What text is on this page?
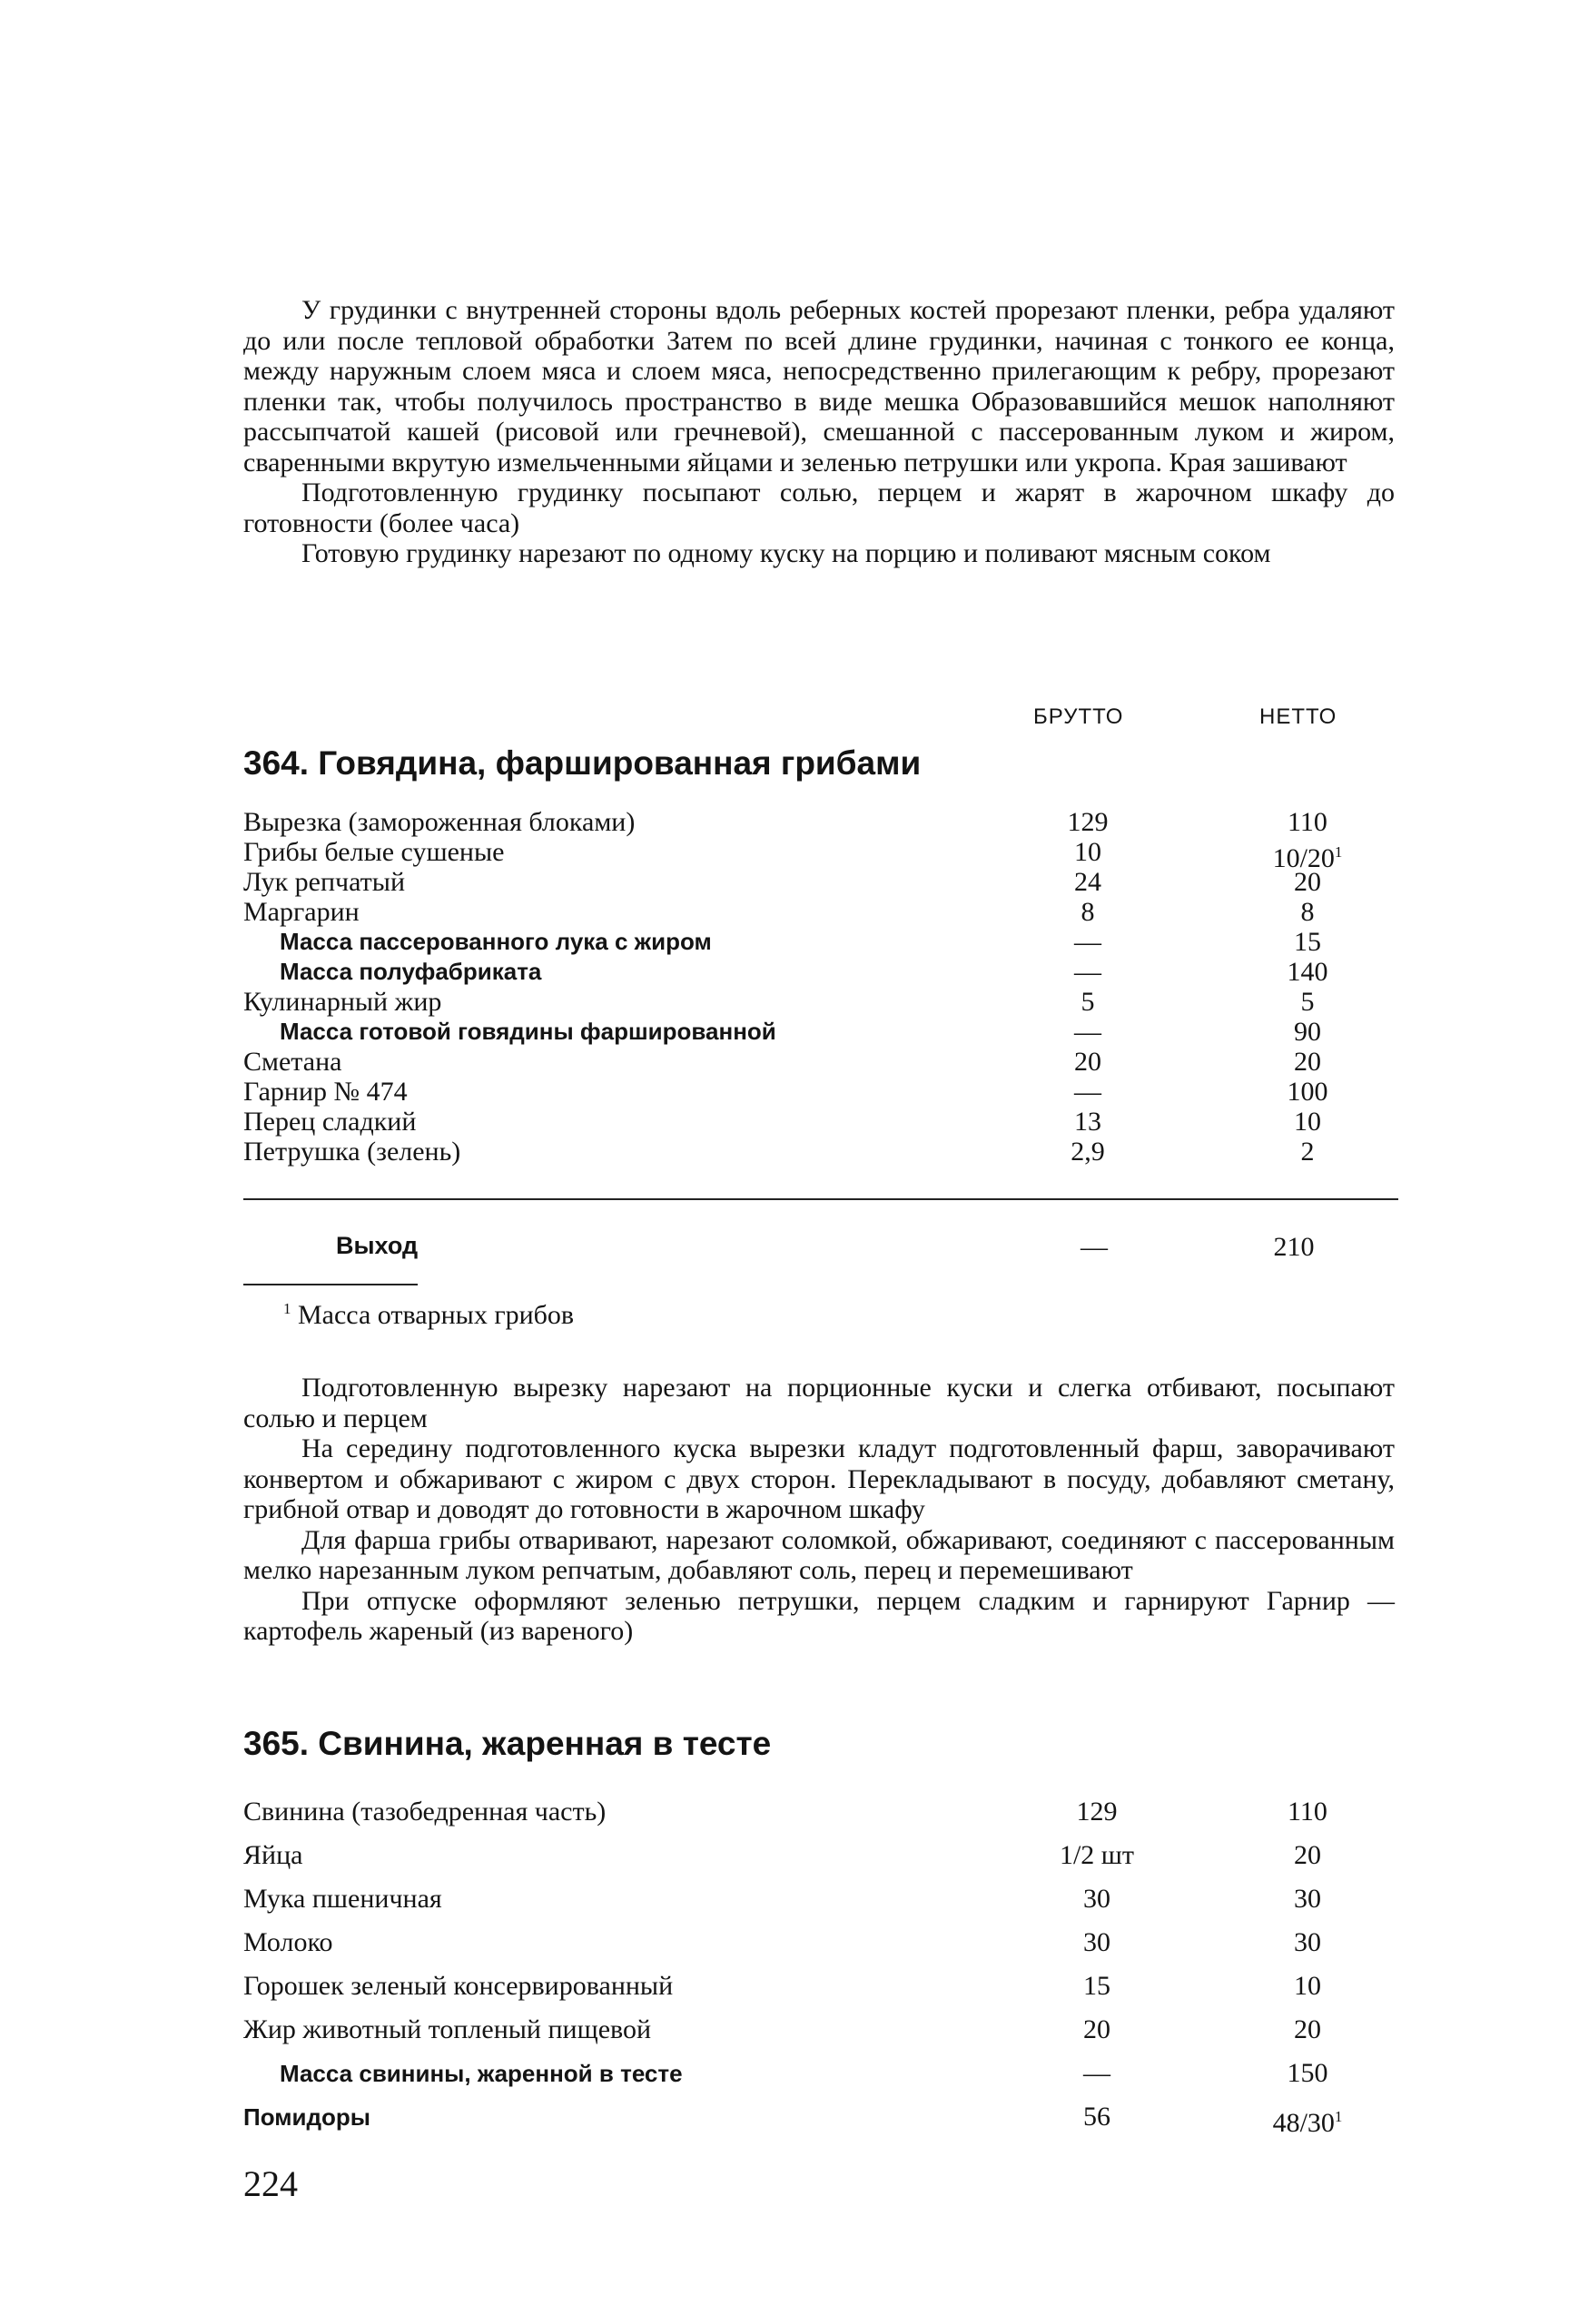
У грудинки с внутренней стороны вдоль реберных костей прорезают пленки, ребра удаляют до или после тепловой обработки Затем по всей длине грудинки, начиная с тонкого ее конца, между наружным слоем мяса и слоем мяса, непосредственно прилегающим к ребру, прорезают пленки так, чтобы получилось пространство в виде мешка Образовавшийся мешок наполняют рассыпчатой кашей (рисовой или гречневой), смешанной с пассерованным луком и жиром, сваренными вкрутую измельченными яйцами и зеленью петрушки или укропа. Края зашивают

Подготовленную грудинку посыпают солью, перцем и жарят в жарочном шкафу до готовности (более часа)

Готовую грудинку нарезают по одному куску на порцию и поливают мясным соком

БРУТТО	НЕТТО
364. Говядина, фаршированная грибами
Вырезка (замороженная блоками)	129	110
Грибы белые сушеные	10	$10/20^1$
Лук репчатый	24	20
Маргарин	8	8
Масса пассерованного лука с жиром	—	15
Масса полуфабриката	—	140
Кулинарный жир	5	5
Масса готовой говядины фаршированной	—	90
Сметана	20	20
Гарнир № 474	—	100
Перец сладкий	13	10
Петрушка (зелень)	2,9	2
Выход	—	210
$^1$ Масса отварных грибов

Подготовленную вырезку нарезают на порционные куски и слегка отбивают, посыпают солью и перцем

На середину подготовленного куска вырезки кладут подготовленный фарш, заворачивают конвертом и обжаривают с жиром с двух сторон. Перекладывают в посуду, добавляют сметану, грибной отвар и доводят до готовности в жарочном шкафу

Для фарша грибы отваривают, нарезают соломкой, обжаривают, соединяют с пассерованным мелко нарезанным луком репчатым, добавляют соль, перец и перемешивают

При отпуске оформляют зеленью петрушки, перцем сладким и гарнируют Гарнир — картофель жареный (из вареного)

365. Свинина, жаренная в тесте
Свинина (тазобедренная часть)	129	110
Яйца	1/2 шт	20
Мука пшеничная	30	30
Молоко	30	30
Горошек зеленый консервированный	15	10
Жир животный топленый пищевой	20	20
Масса свинины, жаренной в тесте	—	150
Помидоры	56	$48/30^1$
224
